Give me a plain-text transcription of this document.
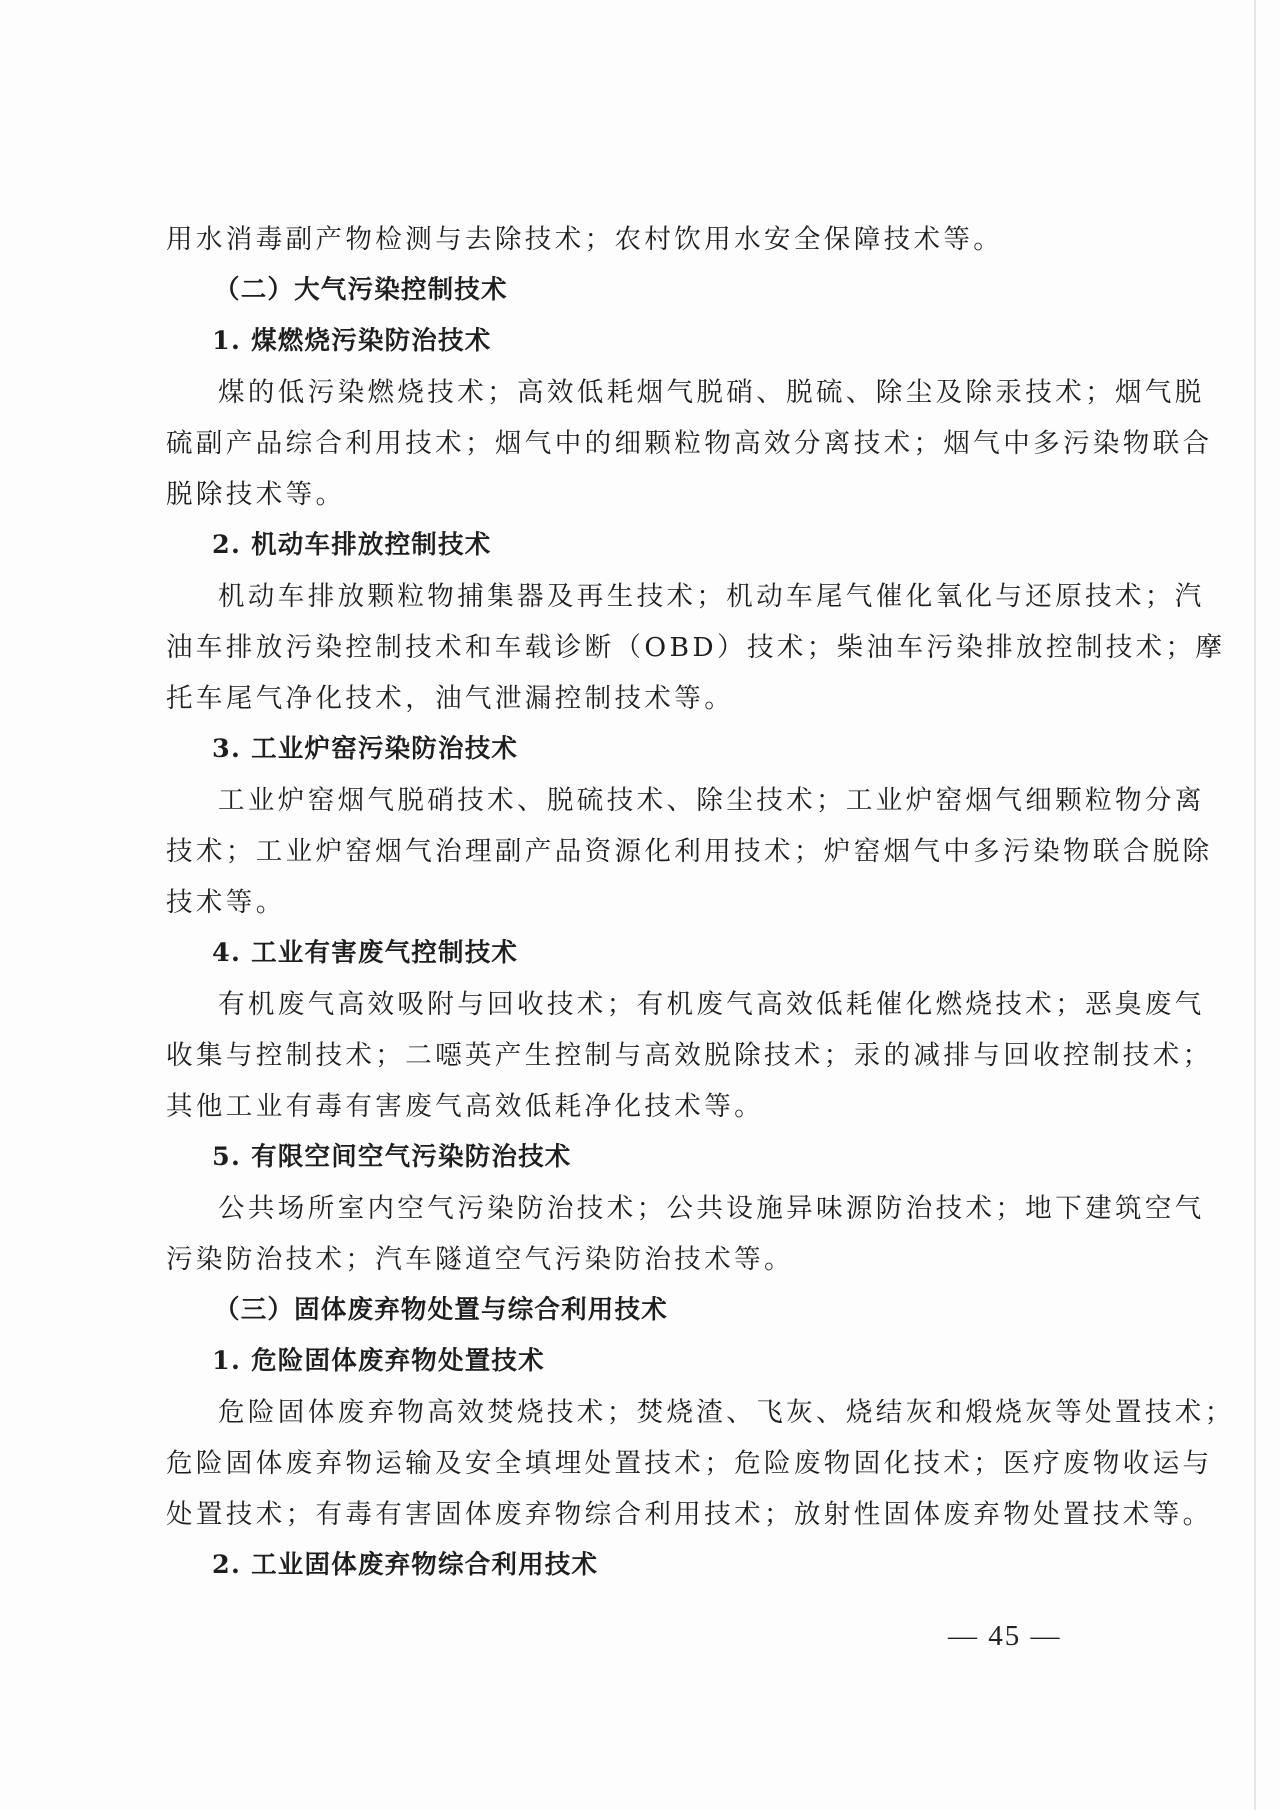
用水消毒副产物检测与去除技术；农村饮用水安全保障技术等。
（二）大气污染控制技术
1. 煤燃烧污染防治技术
煤的低污染燃烧技术；高效低耗烟气脱硝、脱硫、除尘及除汞技术；烟气脱
硫副产品综合利用技术；烟气中的细颗粒物高效分离技术；烟气中多污染物联合
脱除技术等。
2. 机动车排放控制技术
机动车排放颗粒物捕集器及再生技术；机动车尾气催化氧化与还原技术；汽
油车排放污染控制技术和车载诊断（OBD）技术；柴油车污染排放控制技术；摩
托车尾气净化技术，油气泄漏控制技术等。
3. 工业炉窑污染防治技术
工业炉窑烟气脱硝技术、脱硫技术、除尘技术；工业炉窑烟气细颗粒物分离
技术；工业炉窑烟气治理副产品资源化利用技术；炉窑烟气中多污染物联合脱除
技术等。
4. 工业有害废气控制技术
有机废气高效吸附与回收技术；有机废气高效低耗催化燃烧技术；恶臭废气
收集与控制技术；二噁英产生控制与高效脱除技术；汞的减排与回收控制技术；
其他工业有毒有害废气高效低耗净化技术等。
5. 有限空间空气污染防治技术
公共场所室内空气污染防治技术；公共设施异味源防治技术；地下建筑空气
污染防治技术；汽车隧道空气污染防治技术等。
（三）固体废弃物处置与综合利用技术
1. 危险固体废弃物处置技术
危险固体废弃物高效焚烧技术；焚烧渣、飞灰、烧结灰和煅烧灰等处置技术；
危险固体废弃物运输及安全填埋处置技术；危险废物固化技术；医疗废物收运与
处置技术；有毒有害固体废弃物综合利用技术；放射性固体废弃物处置技术等。
2. 工业固体废弃物综合利用技术
— 45 —
